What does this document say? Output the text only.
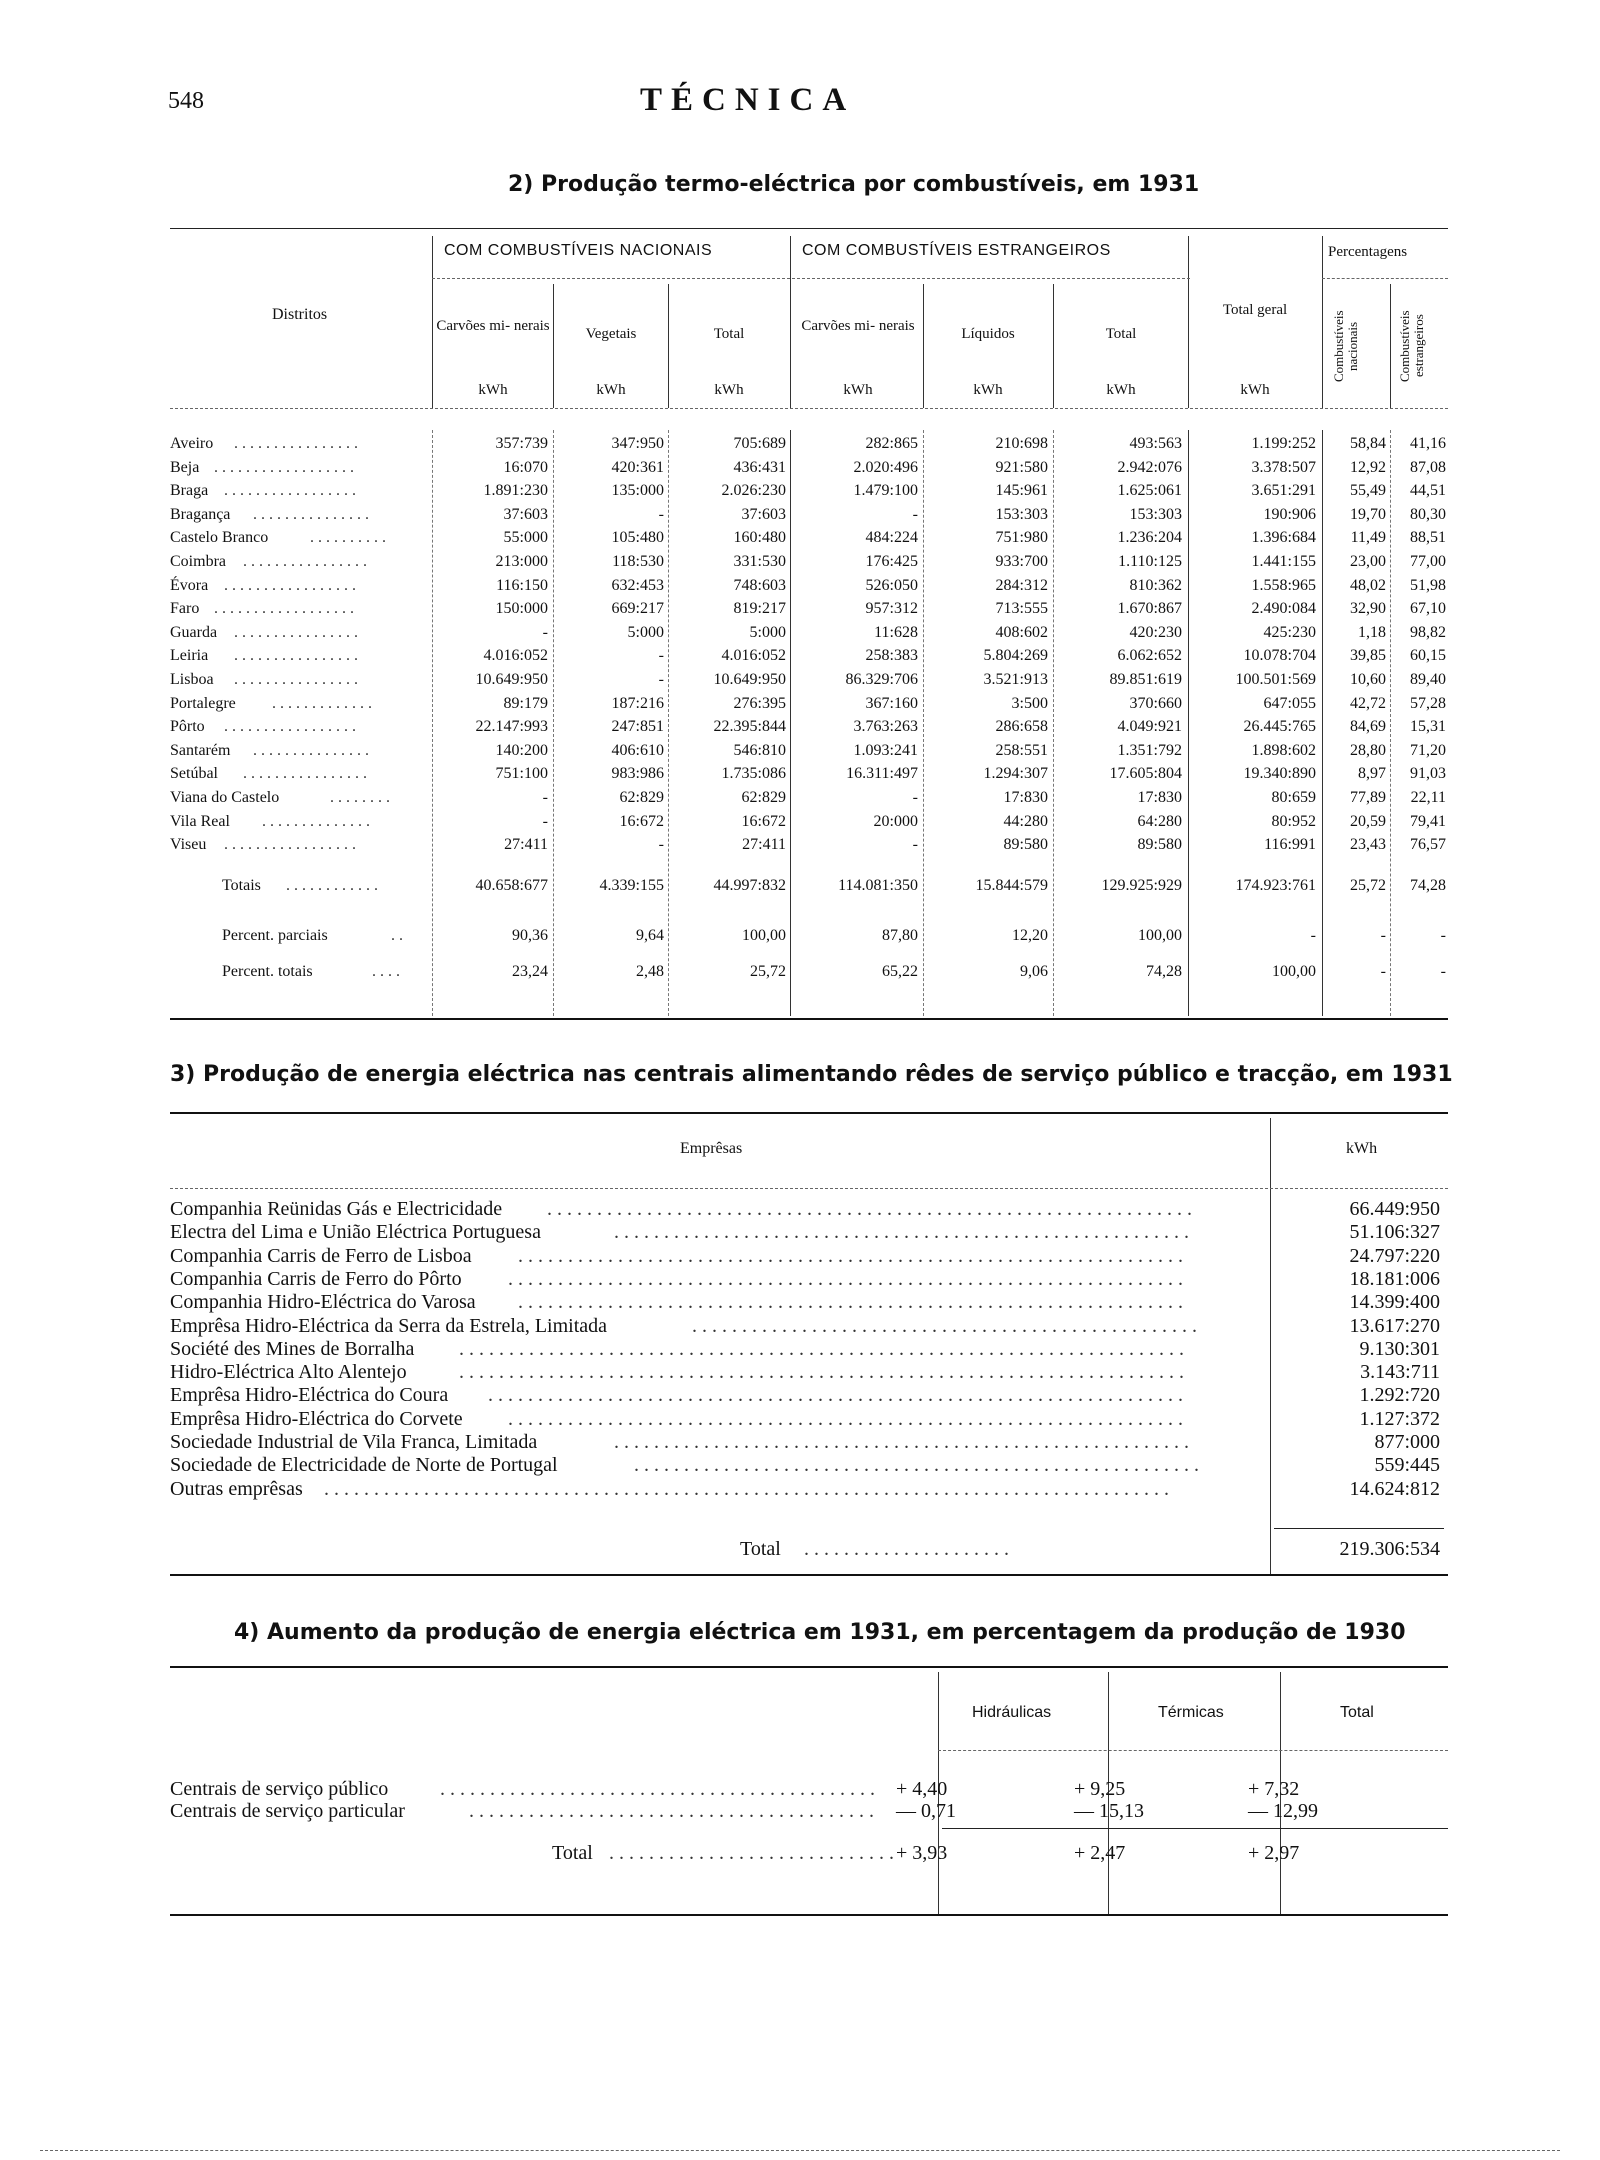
548	TÉCNICA
2) Produção termo-eléctrica por combustíveis, em 1931
COM COMBUSTÍVEIS NACIONAIS	COM COMBUSTÍVEIS ESTRANGEIROS	Percentagens
Distritos
Carvões mi- nerais	Vegetais	Total	Carvões mi- nerais	Líquidos	Total
Total geral
Combustíveis nacionais	Combustíveis estrangeiros
kWh	kWh	kWh	kWh	kWh	kWh	kWh
Aveiro . . . . . . . . . . . . . . . .	357:739	347:950	705:689	282:865	210:698	493:563	1.199:252 58,84 41,16
Beja . . . . . . . . . . . . . . . . . .	16:070	420:361	436:431	2.020:496	921:580	2.942:076	3.378:507 12,92 87,08
Braga . . . . . . . . . . . . . . . . .	1.891:230	135:000	2.026:230	1.479:100	145:961	1.625:061	3.651:291 55,49 44,51
Bragança . . . . . . . . . . . . . . .	37:603	-	37:603	-	153:303	153:303	190:906 19,70 80,30
Castelo Branco	. . . . . . . . . .	55:000	105:480	160:480	484:224	751:980	1.236:204	1.396:684 11,49 88,51
Coimbra . . . . . . . . . . . . . . . .	213:000	118:530	331:530	176:425	933:700	1.110:125	1.441:155 23,00 77,00
Évora . . . . . . . . . . . . . . . . .	116:150	632:453	748:603	526:050	284:312	810:362	1.558:965 48,02 51,98
Faro . . . . . . . . . . . . . . . . . .	150:000	669:217	819:217	957:312	713:555	1.670:867	2.490:084 32,90 67,10
Guarda . . . . . . . . . . . . . . . .	-	5:000	5:000	11:628	408:602	420:230	425:230	1,18 98,82
Leiria . . . . . . . . . . . . . . . .	4.016:052	-	4.016:052	258:383	5.804:269	6.062:652	10.078:704 39,85 60,15
Lisboa . . . . . . . . . . . . . . . .	10.649:950	-	10.649:950	86.329:706	3.521:913	89.851:619	100.501:569 10,60 89,40
Portalegre . . . . . . . . . . . . .	89:179	187:216	276:395	367:160	3:500	370:660	647:055 42,72 57,28
Pôrto . . . . . . . . . . . . . . . . .	22.147:993	247:851	22.395:844	3.763:263	286:658	4.049:921	26.445:765 84,69 15,31
Santarém . . . . . . . . . . . . . . .	140:200	406:610	546:810	1.093:241	258:551	1.351:792	1.898:602 28,80 71,20
Setúbal . . . . . . . . . . . . . . . .	751:100	983:986	1.735:086	16.311:497	1.294:307	17.605:804	19.340:890	8,97 91,03
Viana do Castelo	. . . . . . . .	-	62:829	62:829	-	17:830	17:830	80:659 77,89 22,11
Vila Real . . . . . . . . . . . . . .	-	16:672	16:672	20:000	44:280	64:280	80:952 20,59 79,41
Viseu . . . . . . . . . . . . . . . . .	27:411	-	27:411	-	89:580	89:580	116:991 23,43 76,57
Totais . . . . . . . . . . . .	40.658:677	4.339:155	44.997:832	114.081:350	15.844:579	129.925:929	174.923:761 25,72 74,28
Percent. parciais	. .	90,36	9,64	100,00	87,80	12,20	100,00	-	-	-
Percent. totais	. . . .	23,24	2,48	25,72	65,22	9,06	74,28	100,00	-	-
3) Produção de energia eléctrica nas centrais alimentando rêdes de serviço público e tracção, em 1931
Emprêsas	kWh
Companhia Reünidas Gás e Electricidade . . . . . . . . . . . . . . . . . . . . . . . . . . . . . . . . . . . . . . . . . . . . . . . . . . . . . . . . . . . . . . . . .	66.449:950
Electra del Lima e União Eléctrica Portuguesa	. . . . . . . . . . . . . . . . . . . . . . . . . . . . . . . . . . . . . . . . . . . . . . . . . . . . . . . . . .	51.106:327
Companhia Carris de Ferro de Lisboa . . . . . . . . . . . . . . . . . . . . . . . . . . . . . . . . . . . . . . . . . . . . . . . . . . . . . . . . . . . . . . . . . . .	24.797:220
Companhia Carris de Ferro do Pôrto . . . . . . . . . . . . . . . . . . . . . . . . . . . . . . . . . . . . . . . . . . . . . . . . . . . . . . . . . . . . . . . . . . . .	18.181:006
Companhia Hidro-Eléctrica do Varosa . . . . . . . . . . . . . . . . . . . . . . . . . . . . . . . . . . . . . . . . . . . . . . . . . . . . . . . . . . . . . . . . . . .	14.399:400
Emprêsa Hidro-Eléctrica da Serra da Estrela, Limitada	. . . . . . . . . . . . . . . . . . . . . . . . . . . . . . . . . . . . . . . . . . . . . . . . . . .	13.617:270
Société des Mines de Borralha . . . . . . . . . . . . . . . . . . . . . . . . . . . . . . . . . . . . . . . . . . . . . . . . . . . . . . . . . . . . . . . . . . . . . . . . .	9.130:301
Hidro-Eléctrica Alto Alentejo	. . . . . . . . . . . . . . . . . . . . . . . . . . . . . . . . . . . . . . . . . . . . . . . . . . . . . . . . . . . . . . . . . . . . . . . . .	3.143:711
Emprêsa Hidro-Eléctrica do Coura . . . . . . . . . . . . . . . . . . . . . . . . . . . . . . . . . . . . . . . . . . . . . . . . . . . . . . . . . . . . . . . . . . . . . .	1.292:720
Emprêsa Hidro-Eléctrica do Corvete . . . . . . . . . . . . . . . . . . . . . . . . . . . . . . . . . . . . . . . . . . . . . . . . . . . . . . . . . . . . . . . . . . . .	1.127:372
Sociedade Industrial de Vila Franca, Limitada	. . . . . . . . . . . . . . . . . . . . . . . . . . . . . . . . . . . . . . . . . . . . . . . . . . . . . . . . . .	877:000
Sociedade de Electricidade de Norte de Portugal	. . . . . . . . . . . . . . . . . . . . . . . . . . . . . . . . . . . . . . . . . . . . . . . . . . . . . . . . .	559:445
Outras emprêsas . . . . . . . . . . . . . . . . . . . . . . . . . . . . . . . . . . . . . . . . . . . . . . . . . . . . . . . . . . . . . . . . . . . . . . . . . . . . . . . . . . . . .	14.624:812
Total . . . . . . . . . . . . . . . . . . . . .	219.306:534
4) Aumento da produção de energia eléctrica em 1931, em percentagem da produção de 1930
Hidráulicas	Térmicas	Total
Centrais de serviço público	. . . . . . . . . . . . . . . . . . . . . . . . . . . . . . . . . . . . . . . . . . . .	+ 4,40	+ 9,25	+ 7,32
Centrais de serviço particular	. . . . . . . . . . . . . . . . . . . . . . . . . . . . . . . . . . . . . . . . .	— 0,71	— 15,13	— 12,99
Total . . . . . . . . . . . . . . . . . . . . . . . . . . . . . + 3,93	+ 2,47	+ 2,97
